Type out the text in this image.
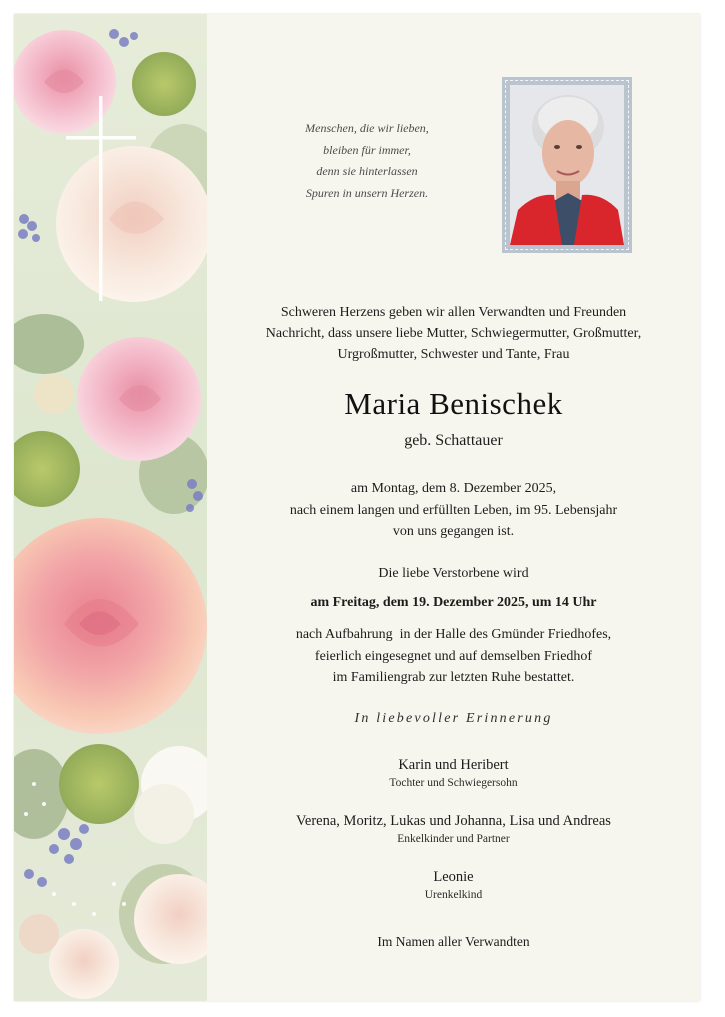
Menschen, die wir lieben,
bleiben für immer,
denn sie hinterlassen
Spuren in unsern Herzen.
Schweren Herzens geben wir allen Verwandten und Freunden
Nachricht, dass unsere liebe Mutter, Schwiegermutter, Großmutter,
Urgroßmutter, Schwester und Tante, Frau
Maria Benischek
geb. Schattauer
am Montag, dem 8. Dezember 2025,
nach einem langen und erfüllten Leben, im 95. Lebensjahr
von uns gegangen ist.
Die liebe Verstorbene wird
am Freitag, dem 19. Dezember 2025, um 14 Uhr
nach Aufbahrung  in der Halle des Gmünder Friedhofes,
feierlich eingesegnet und auf demselben Friedhof
im Familiengrab zur letzten Ruhe bestattet.
In liebevoller Erinnerung
Karin und Heribert
Tochter und Schwiegersohn
Verena, Moritz, Lukas und Johanna, Lisa und Andreas
Enkelkinder und Partner
Leonie
Urenkelkind
Im Namen aller Verwandten
